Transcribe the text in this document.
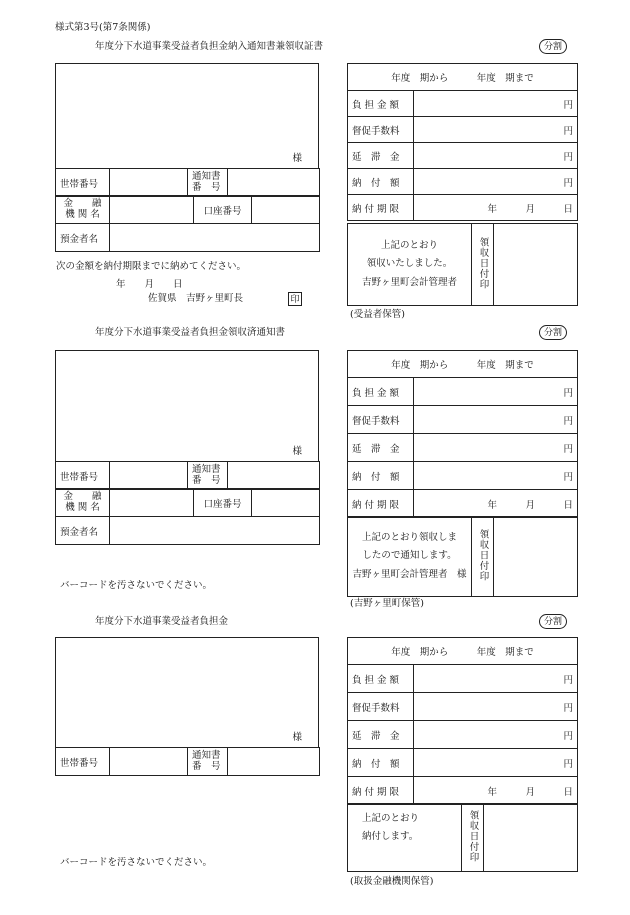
様式第3号(第7条関係)
年度分下水道事業受益者負担金納入通知書兼領収証書	分割
様
世帯番号		
通知書
番　号

金　　融
機 関 名		口座番号	
預金者名			
次の金額を納付期限までに納めてください。
年　　月　　日
佐賀県　吉野ヶ里町長	印
年度　期から　　　年度　期まで	
負 担 金 額	円
督促手数料	円
延　滞　金	円
納　付　額	円
納 付 期 限	年　　　月　　　日
上記のとおり
領収いたしました。
吉野ヶ里町会計管理者	領収日付印	
(受益者保管)
年度分下水道事業受益者負担金領収済通知書	分割
様
世帯番号		
通知書
番　号

金　　融
機 関 名		口座番号	
預金者名			
バーコードを汚さないでください。
年度　期から　　　年度　期まで	
負 担 金 額	円
督促手数料	円
延　滞　金	円
納　付　額	円
納 付 期 限	年　　　月　　　日
上記のとおり領収しま
したので通知します。
吉野ヶ里町会計管理者　 様	領収日付印	
(吉野ヶ里町保管)
年度分下水道事業受益者負担金	分割
様
世帯番号		
通知書
番　号

バーコードを汚さないでください。
年度　期から　　　年度　期まで	
負 担 金 額	円
督促手数料	円
延　滞　金	円
納　付　額	円
納 付 期 限	年　　　月　　　日
上記のとおり
納付します。	領収日付印	
(取扱金融機関保管)
